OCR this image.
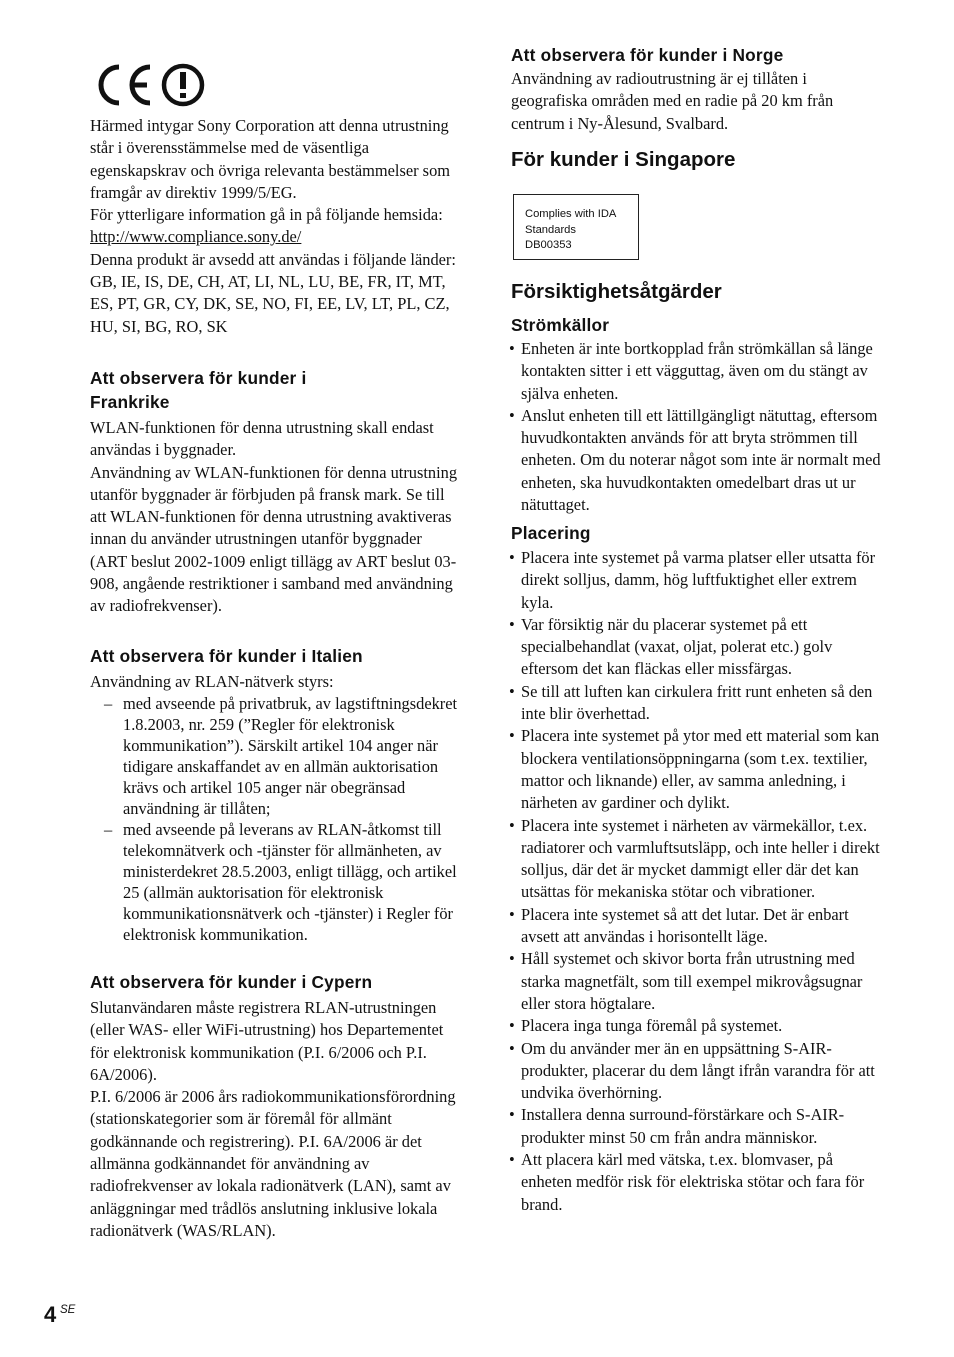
Härmed intygar Sony Corporation att denna utrustning står i överensstämmelse med de väsentliga egenskapskrav och övriga relevanta bestämmelser som framgår av direktiv 1999/5/EG.

För ytterligare information gå in på följande hemsida: http://www.compliance.sony.de/

Denna produkt är avsedd att användas i följande länder:

GB, IE, IS, DE, CH, AT, LI, NL, LU, BE, FR, IT, MT, ES, PT, GR, CY, DK, SE, NO, FI, EE, LV, LT, PL, CZ, HU, SI, BG, RO, SK

Att observera för kunder i
Frankrike

WLAN-funktionen för denna utrustning skall endast användas i byggnader.

Användning av WLAN-funktionen för denna utrustning utanför byggnader är förbjuden på fransk mark. Se till att WLAN-funktionen för denna utrustning avaktiveras innan du använder utrustningen utanför byggnader (ART beslut 2002-1009 enligt tillägg av ART beslut 03-908, angående restriktioner i samband med användning av radiofrekvenser).

Att observera för kunder i Italien

Användning av RLAN-nätverk styrs:

– med avseende på privatbruk, av lagstiftningsdekret 1.8.2003, nr. 259 (”Regler för elektronisk kommunikation”). Särskilt artikel 104 anger när tidigare anskaffandet av en allmän auktorisation krävs och artikel 105 anger när obegränsad användning är tillåten;
– med avseende på leverans av RLAN-åtkomst till telekomnätverk och -tjänster för allmänheten, av ministerdekret 28.5.2003, enligt tillägg, och artikel 25 (allmän auktorisation för elektronisk kommunikationsnätverk och -tjänster) i Regler för elektronisk kommunikation.
Att observera för kunder i Cypern

Slutanvändaren måste registrera RLAN-utrustningen (eller WAS- eller WiFi-utrustning) hos Departementet för elektronisk kommunikation (P.I. 6/2006 och P.I. 6A/2006).

P.I. 6/2006 är 2006 års radiokommunikationsförordning (stationskategorier som är föremål för allmänt godkännande och registrering). P.I. 6A/2006 är det allmänna godkännandet för användning av radiofrekvenser av lokala radionätverk (LAN), samt av anläggningar med trådlös anslutning inklusive lokala radionätverk (WAS/RLAN).

Att observera för kunder i Norge

Användning av radioutrustning är ej tillåten i geografiska områden med en radie på 20 km från centrum i Ny-Ålesund, Svalbard.

För kunder i Singapore
Försiktighetsåtgärder
Strömkällor
• Enheten är inte bortkopplad från strömkällan så länge kontakten sitter i ett vägguttag, även om du stängt av själva enheten.
• Anslut enheten till ett lättillgängligt nätuttag, eftersom huvudkontakten används för att bryta strömmen till enheten. Om du noterar något som inte är normalt med enheten, ska huvudkontakten omedelbart dras ut ur nätuttaget.
Placering
• Placera inte systemet på varma platser eller utsatta för direkt solljus, damm, hög luftfuktighet eller extrem kyla.
• Var försiktig när du placerar systemet på ett specialbehandlat (vaxat, oljat, polerat etc.) golv eftersom det kan fläckas eller missfärgas.
• Se till att luften kan cirkulera fritt runt enheten så den inte blir överhettad.
• Placera inte systemet på ytor med ett material som kan blockera ventilationsöppningarna (som t.ex. textilier, mattor och liknande) eller, av samma anledning, i närheten av gardiner och dylikt.
• Placera inte systemet i närheten av värmekällor, t.ex. radiatorer och varmluftsutsläpp, och inte heller i direkt solljus, där det är mycket dammigt eller där det kan utsättas för mekaniska stötar och vibrationer.
• Placera inte systemet så att det lutar. Det är enbart avsett att användas i horisontellt läge.
• Håll systemet och skivor borta från utrustning med starka magnetfält, som till exempel mikrovågsugnar eller stora högtalare.
• Placera inga tunga föremål på systemet.
• Om du använder mer än en uppsättning S-AIR-produkter, placerar du dem långt ifrån varandra för att undvika överhörning.
• Installera denna surround-förstärkare och S-AIR-produkter minst 50 cm från andra människor.
• Att placera kärl med vätska, t.ex. blomvaser, på enheten medför risk för elektriska stötar och fara för brand.
Complies with IDA
Standards
DB00353
4 SE
